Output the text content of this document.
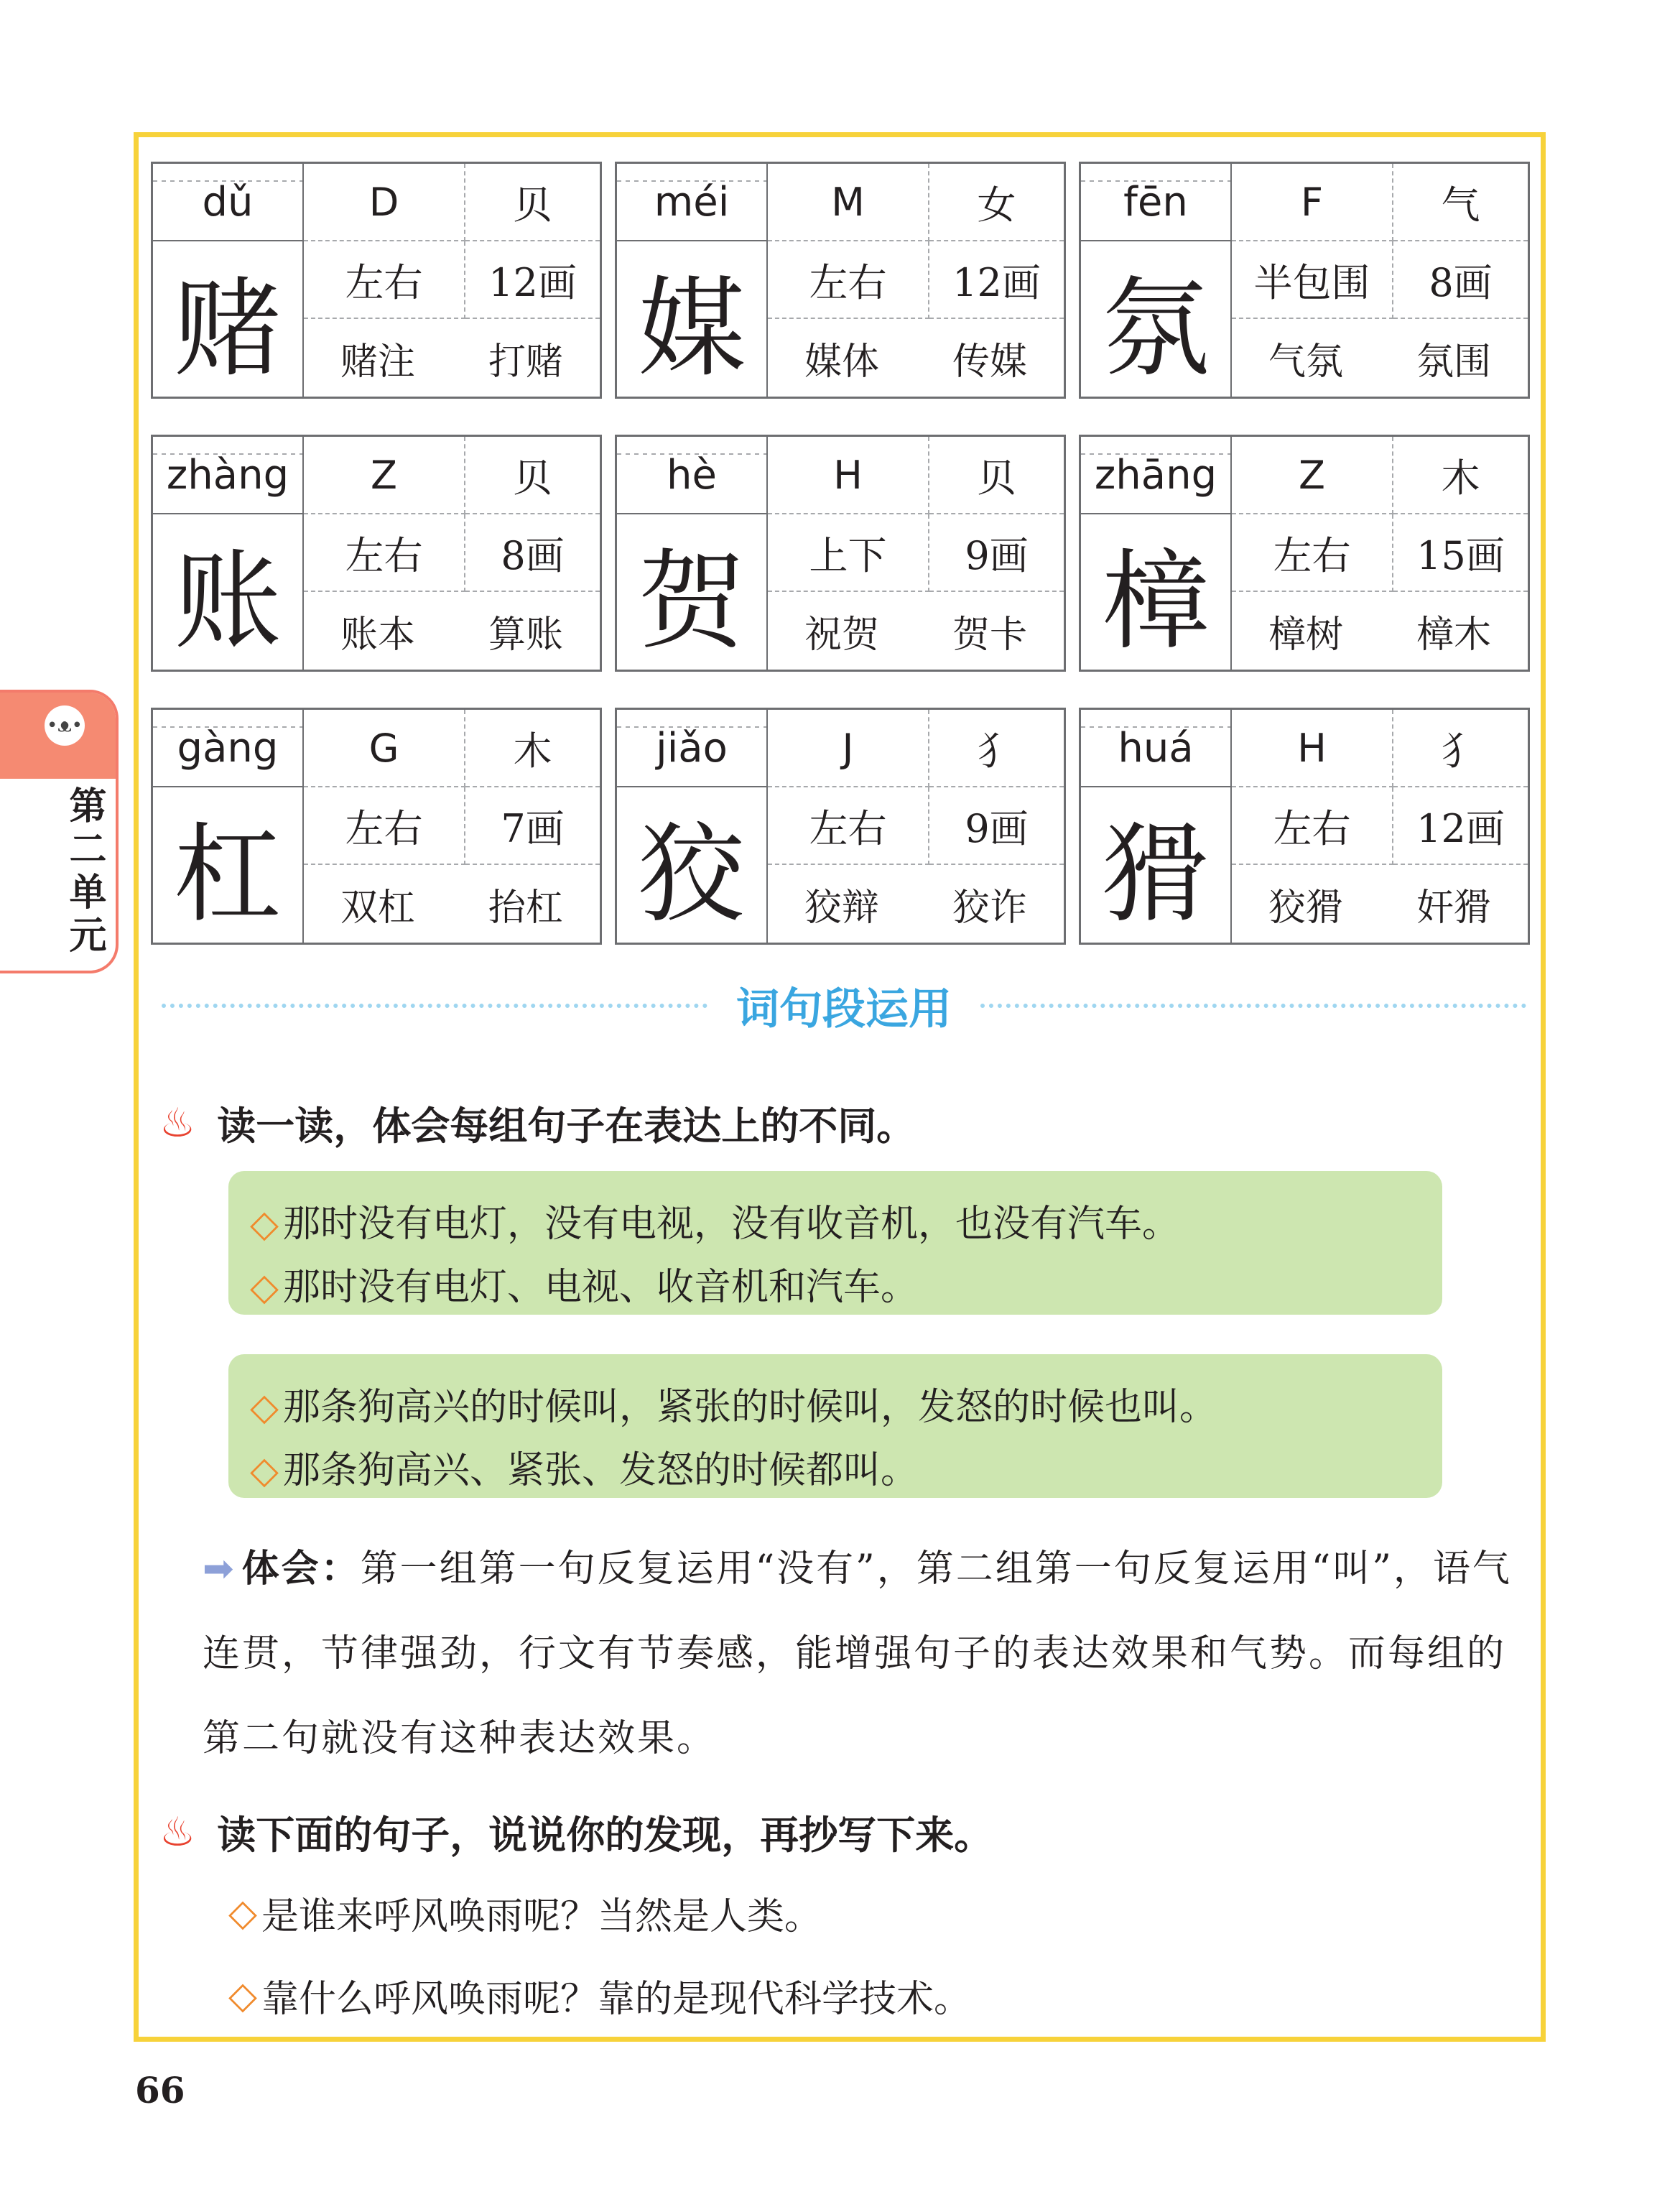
dǔ	D	贝
赌	左右	12画
赌注 打赌
méi	M	女
媒	左右	12画
媒体 传媒
fēn	F	气
氛	半包围	8画
气氛 氛围
zhàng	Z	贝
账	左右	8画
账本 算账
hè	H	贝
贺	上下	9画
祝贺 贺卡
zhāng	Z	木
樟	左右	15画
樟树 樟木
gàng	G	木
杠	左右	7画
双杠 抬杠
jiǎo	J	犭
狡	左右	9画
狡辩 狡诈
huá	H	犭
猾	左右	12画
狡猾 奸猾
•ᴥ•
第二单元
词句段运用
♨ 读一读，体会每组句子在表达上的不同。
◇ 那时没有电灯，没有电视，没有收音机，也没有汽车。
◇ 那时没有电灯、电视、收音机和汽车。
◇ 那条狗高兴的时候叫，紧张的时候叫，发怒的时候也叫。
◇ 那条狗高兴、紧张、发怒的时候都叫。
➡ 体会：第一组第一句反复运用“没有”，第二组第一句反复运用“叫”，语气连贯，节律强劲，行文有节奏感，能增强句子的表达效果和气势。而每组的第二句就没有这种表达效果。
♨ 读下面的句子，说说你的发现，再抄写下来。
◇ 是谁来呼风唤雨呢？当然是人类。
◇ 靠什么呼风唤雨呢？靠的是现代科学技术。
66
